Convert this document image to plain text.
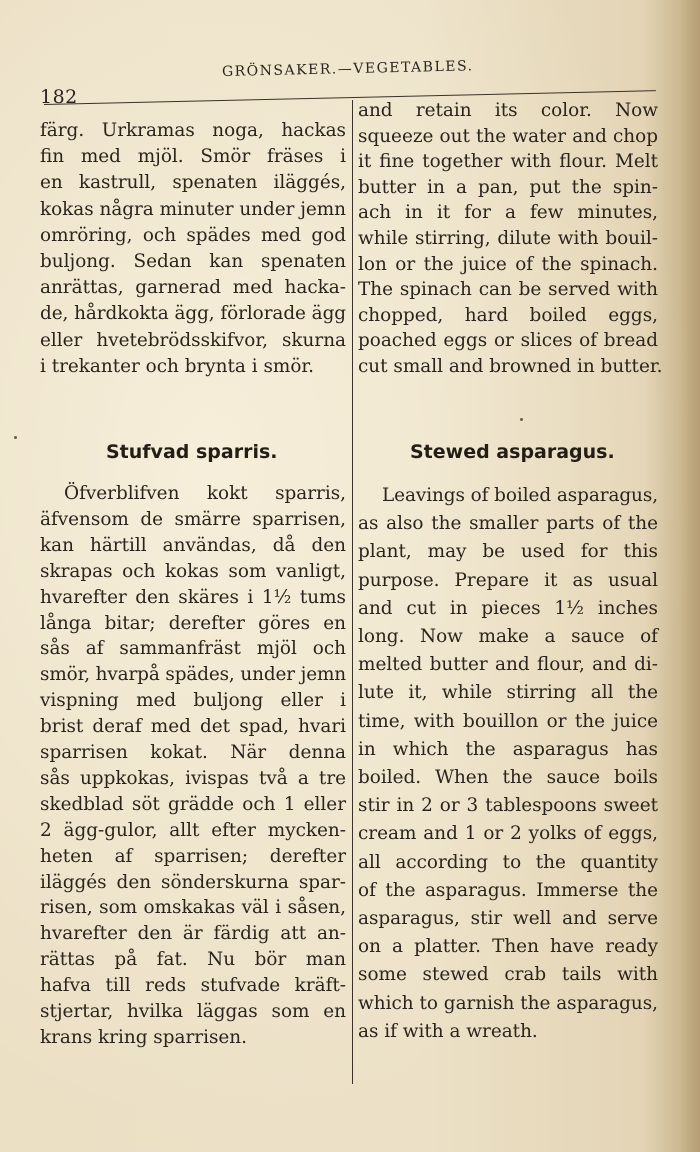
182
GRÖNSAKER.—VEGETABLES.
färg. Urkramas noga, hackas
fin med mjöl. Smör fräses i
en kastrull, spenaten iläggés,
kokas några minuter under jemn
omröring, och spädes med god
buljong. Sedan kan spenaten
anrättas, garnerad med hacka-
de, hårdkokta ägg, förlorade ägg
eller hvetebrödsskifvor, skurna
i trekanter och brynta i smör.
Stufvad sparris.
Öfverblifven kokt sparris,
äfvensom de smärre sparrisen,
kan härtill användas, då den
skrapas och kokas som vanligt,
hvarefter den skäres i 1½ tums
långa bitar; derefter göres en
sås af sammanfräst mjöl och
smör, hvarpå spädes, under jemn
vispning med buljong eller i
brist deraf med det spad, hvari
sparrisen kokat. När denna
sås uppkokas, ivispas två a tre
skedblad söt grädde och 1 eller
2 ägg-gulor, allt efter mycken-
heten af sparrisen; derefter
iläggés den sönderskurna spar-
risen, som omskakas väl i såsen,
hvarefter den är färdig att an-
rättas på fat. Nu bör man
hafva till reds stufvade kräft-
stjertar, hvilka läggas som en
krans kring sparrisen.
and retain its color. Now
squeeze out the water and chop
it fine together with flour. Melt
butter in a pan, put the spin-
ach in it for a few minutes,
while stirring, dilute with bouil-
lon or the juice of the spinach.
The spinach can be served with
chopped, hard boiled eggs,
poached eggs or slices of bread
cut small and browned in butter.
Stewed asparagus.
Leavings of boiled asparagus,
as also the smaller parts of the
plant, may be used for this
purpose. Prepare it as usual
and cut in pieces 1½ inches
long. Now make a sauce of
melted butter and flour, and di-
lute it, while stirring all the
time, with bouillon or the juice
in which the asparagus has
boiled. When the sauce boils
stir in 2 or 3 tablespoons sweet
cream and 1 or 2 yolks of eggs,
all according to the quantity
of the asparagus. Immerse the
asparagus, stir well and serve
on a platter. Then have ready
some stewed crab tails with
which to garnish the asparagus,
as if with a wreath.
